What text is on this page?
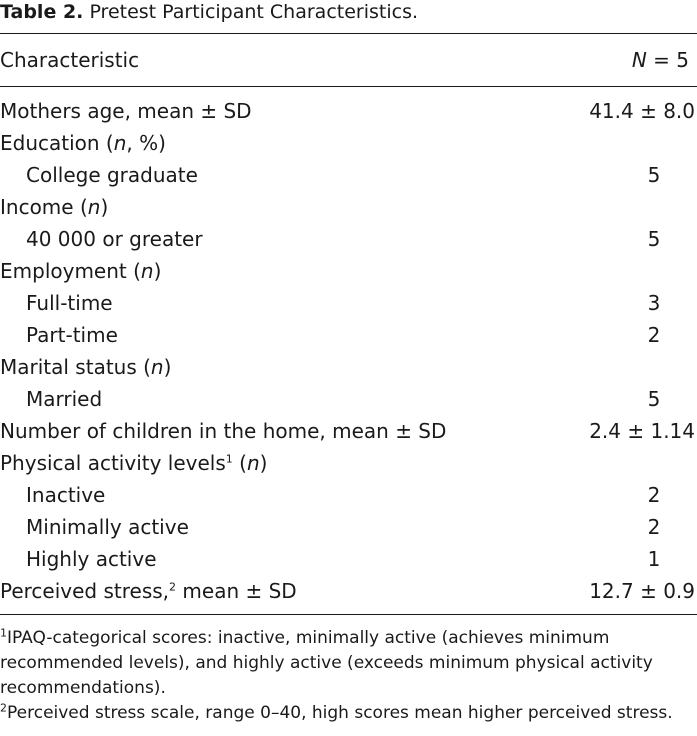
Table 2. Pretest Participant Characteristics.
Characteristic	N = 5
Mothers age, mean ± SD	41.4 ± 8.0
Education (n, %)
College graduate	5
Income (n)
40 000 or greater	5
Employment (n)
Full-time	3
Part-time	2
Marital status (n)
Married	5
Number of children in the home, mean ± SD	2.4 ± 1.14
Physical activity levels$^1$ (n)
Inactive	2
Minimally active	2
Highly active	1
Perceived stress,$^2$ mean ± SD	12.7 ± 0.9

$^1$IPAQ-categorical scores: inactive, minimally active (achieves minimum recommended levels), and highly active (exceeds minimum physical activity recommendations).

$^2$Perceived stress scale, range 0–40, high scores mean higher perceived stress.
